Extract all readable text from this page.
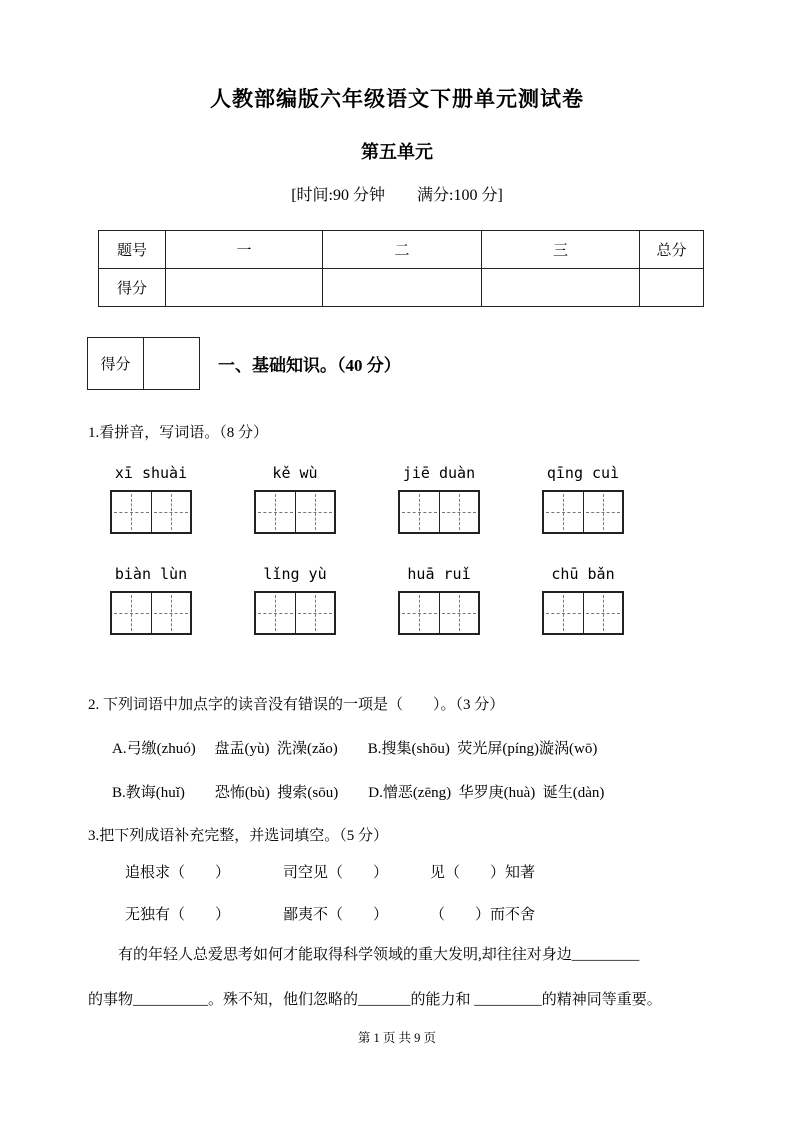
人教部编版六年级语文下册单元测试卷
第五单元
[时间:90 分钟　　满分:100 分]
题号	一	二	三	总分
得分				
得分		一、基础知识。（40 分）
1.看拼音，写词语。（8 分）
xī shuài	kě wù	jiē duàn	qīng cuì
biàn lùn	lǐng yù	huā ruǐ	chū bǎn
2. 下列词语中加点字的读音没有错误的一项是（　　）。（3 分）
A.弓缴(zhuó)　 盘盂(yù)  洗澡(zǎo)　　B.搜集(shōu)  荧光屏(píng)漩涡(wō)
B.教诲(huǐ)　　恐怖(bù)  搜索(sōu)　　D.憎恶(zēng)  华罗庚(huà)  诞生(dàn)
3.把下列成语补充完整，并选词填空。（5 分）
追根求（　　）	司空见（　　）	见（　　）知著
无独有（　　）	鄙夷不（　　）	（　　）而不舍
有的年轻人总爱思考如何才能取得科学领域的重大发明,却往往对身边_________
的事物__________。殊不知，他们忽略的_______的能力和 _________的精神同等重要。
第 1 页 共 9 页
